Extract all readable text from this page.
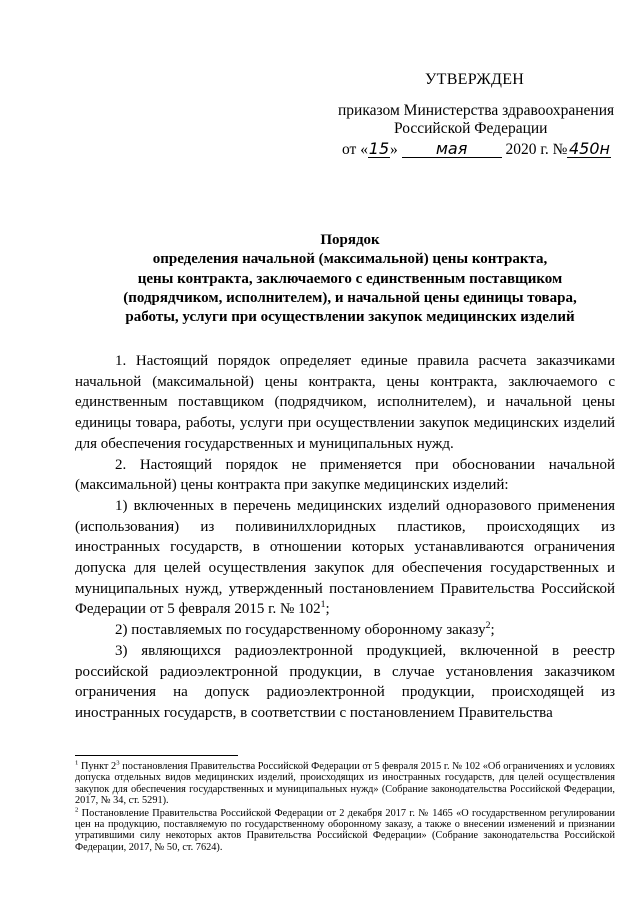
УТВЕРЖДЕН
приказом Министерства здравоохранения
Российской Федерации
от «15» мая 2020 г. №450н
Порядок
определения начальной (максимальной) цены контракта,
цены контракта, заключаемого с единственным поставщиком
(подрядчиком, исполнителем), и начальной цены единицы товара,
работы, услуги при осуществлении закупок медицинских изделий

1. Настоящий порядок определяет единые правила расчета заказчиками начальной (максимальной) цены контракта, цены контракта, заключаемого с единственным поставщиком (подрядчиком, исполнителем), и начальной цены единицы товара, работы, услуги при осуществлении закупок медицинских изделий для обеспечения государственных и муниципальных нужд.

2. Настоящий порядок не применяется при обосновании начальной (максимальной) цены контракта при закупке медицинских изделий:

1) включенных в перечень медицинских изделий одноразового применения (использования) из поливинилхлоридных пластиков, происходящих из иностранных государств, в отношении которых устанавливаются ограничения допуска для целей осуществления закупок для обеспечения государственных и муниципальных нужд, утвержденный постановлением Правительства Российской Федерации от 5 февраля 2015 г. № $102^1$;

2) поставляемых по государственному оборонному заказу$^2$;

3) являющихся радиоэлектронной продукцией, включенной в реестр российской радиоэлектронной продукции, в случае установления заказчиком ограничения на допуск радиоэлектронной продукции, происходящей из иностранных государств, в соответствии с постановлением Правительства

$^1$ Пункт $2^3$ постановления Правительства Российской Федерации от 5 февраля 2015 г. № 102 «Об ограничениях и условиях допуска отдельных видов медицинских изделий, происходящих из иностранных государств, для целей осуществления закупок для обеспечения государственных и муниципальных нужд» (Собрание законодательства Российской Федерации, 2017, № 34, ст. 5291).

$^2$ Постановление Правительства Российской Федерации от 2 декабря 2017 г. № 1465 «О государственном регулировании цен на продукцию, поставляемую по государственному оборонному заказу, а также о внесении изменений и признании утратившими силу некоторых актов Правительства Российской Федерации» (Собрание законодательства Российской Федерации, 2017, № 50, ст. 7624).
